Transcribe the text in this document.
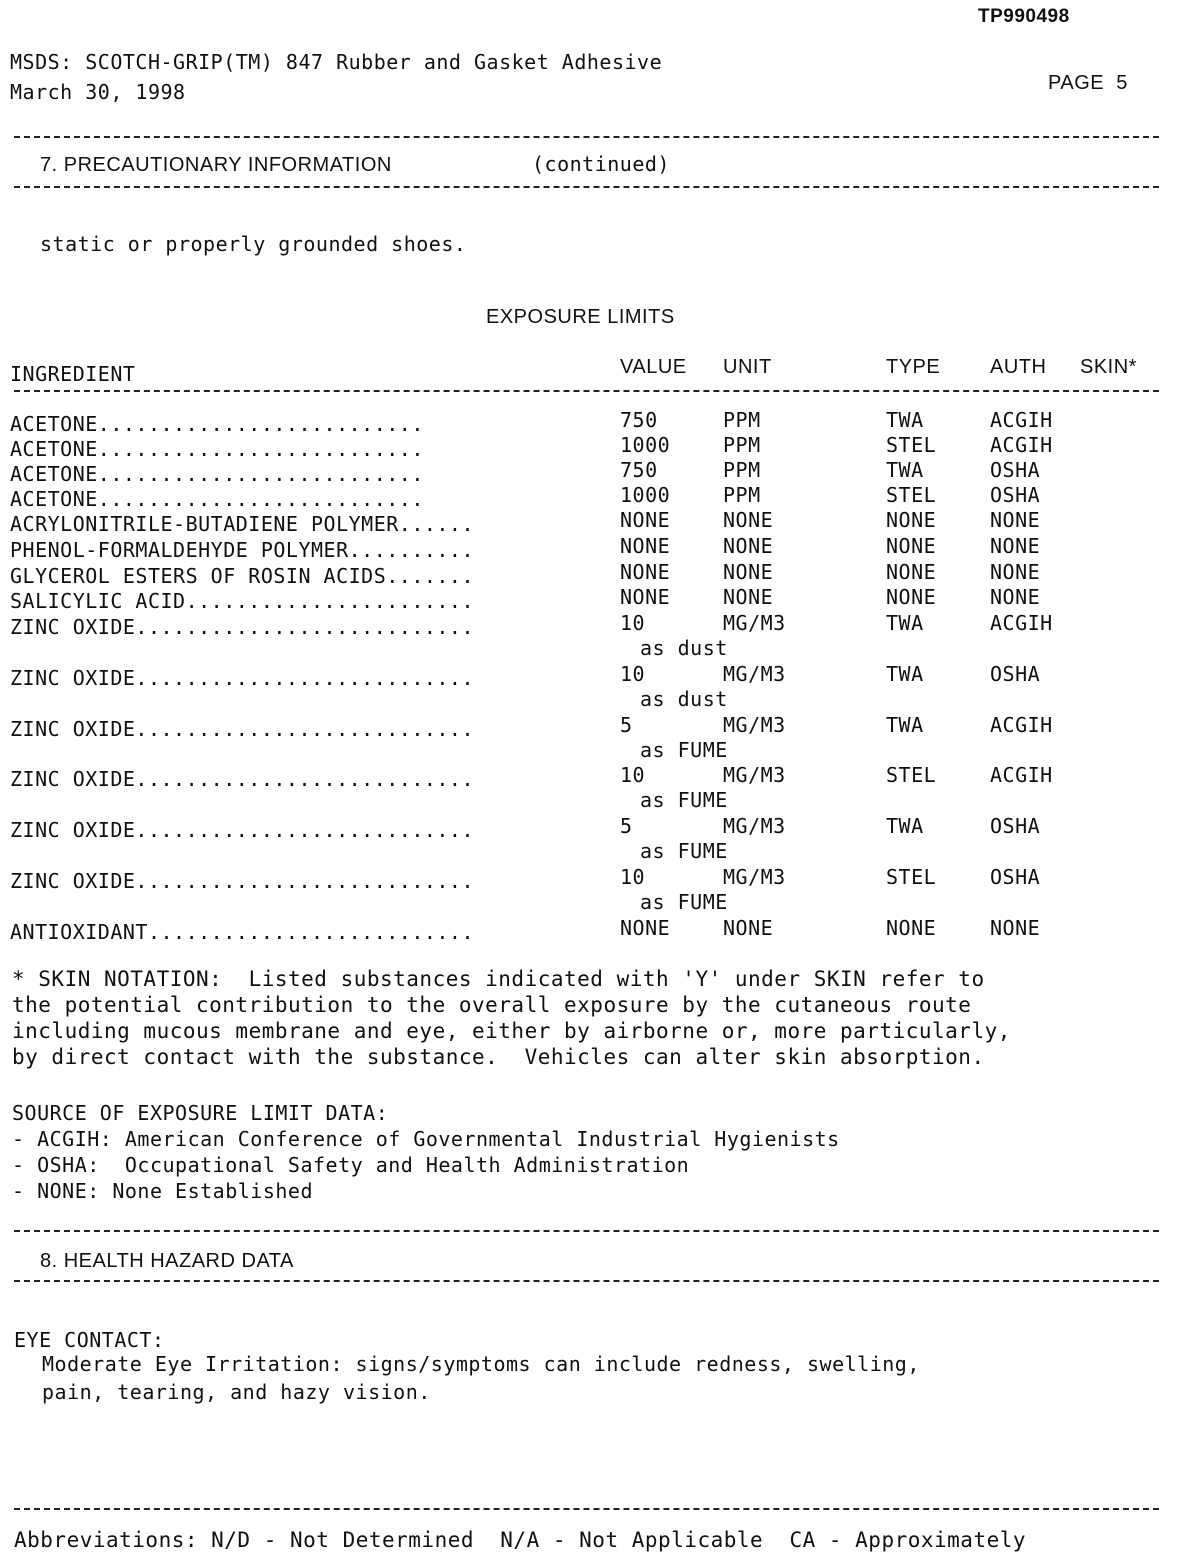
TP990498
MSDS: SCOTCH-GRIP(TM) 847 Rubber and Gasket Adhesive
March 30, 1998	PAGE  5
7. PRECAUTIONARY INFORMATION	(continued)
static or properly grounded shoes.
EXPOSURE LIMITS
INGREDIENT	VALUE UNIT	TYPE AUTH SKIN*
ACETONE..........................	750	PPM	TWA	ACGIH
ACETONE..........................	1000	PPM	STEL	ACGIH
ACETONE..........................	750	PPM	TWA	OSHA
ACETONE..........................	1000	PPM	STEL	OSHA
ACRYLONITRILE-BUTADIENE POLYMER......	NONE	NONE	NONE	NONE
PHENOL-FORMALDEHYDE POLYMER..........	NONE	NONE	NONE	NONE
GLYCEROL ESTERS OF ROSIN ACIDS.......	NONE	NONE	NONE	NONE
SALICYLIC ACID.......................	NONE	NONE	NONE	NONE
ZINC OXIDE...........................	10	MG/M3	TWA	ACGIH
as dust
ZINC OXIDE...........................	10	MG/M3	TWA	OSHA
as dust
ZINC OXIDE...........................	5	MG/M3	TWA	ACGIH
as FUME
ZINC OXIDE...........................	10	MG/M3	STEL	ACGIH
as FUME
ZINC OXIDE...........................	5	MG/M3	TWA	OSHA
as FUME
ZINC OXIDE...........................	10	MG/M3	STEL	OSHA
as FUME
ANTIOXIDANT..........................	NONE	NONE	NONE	NONE
* SKIN NOTATION:  Listed substances indicated with 'Y' under SKIN refer to
the potential contribution to the overall exposure by the cutaneous route
including mucous membrane and eye, either by airborne or, more particularly,
by direct contact with the substance.  Vehicles can alter skin absorption.
SOURCE OF EXPOSURE LIMIT DATA:
- ACGIH: American Conference of Governmental Industrial Hygienists
- OSHA:  Occupational Safety and Health Administration
- NONE: None Established
8. HEALTH HAZARD DATA
EYE CONTACT:
Moderate Eye Irritation: signs/symptoms can include redness, swelling,
pain, tearing, and hazy vision.
Abbreviations: N/D - Not Determined  N/A - Not Applicable  CA - Approximately
